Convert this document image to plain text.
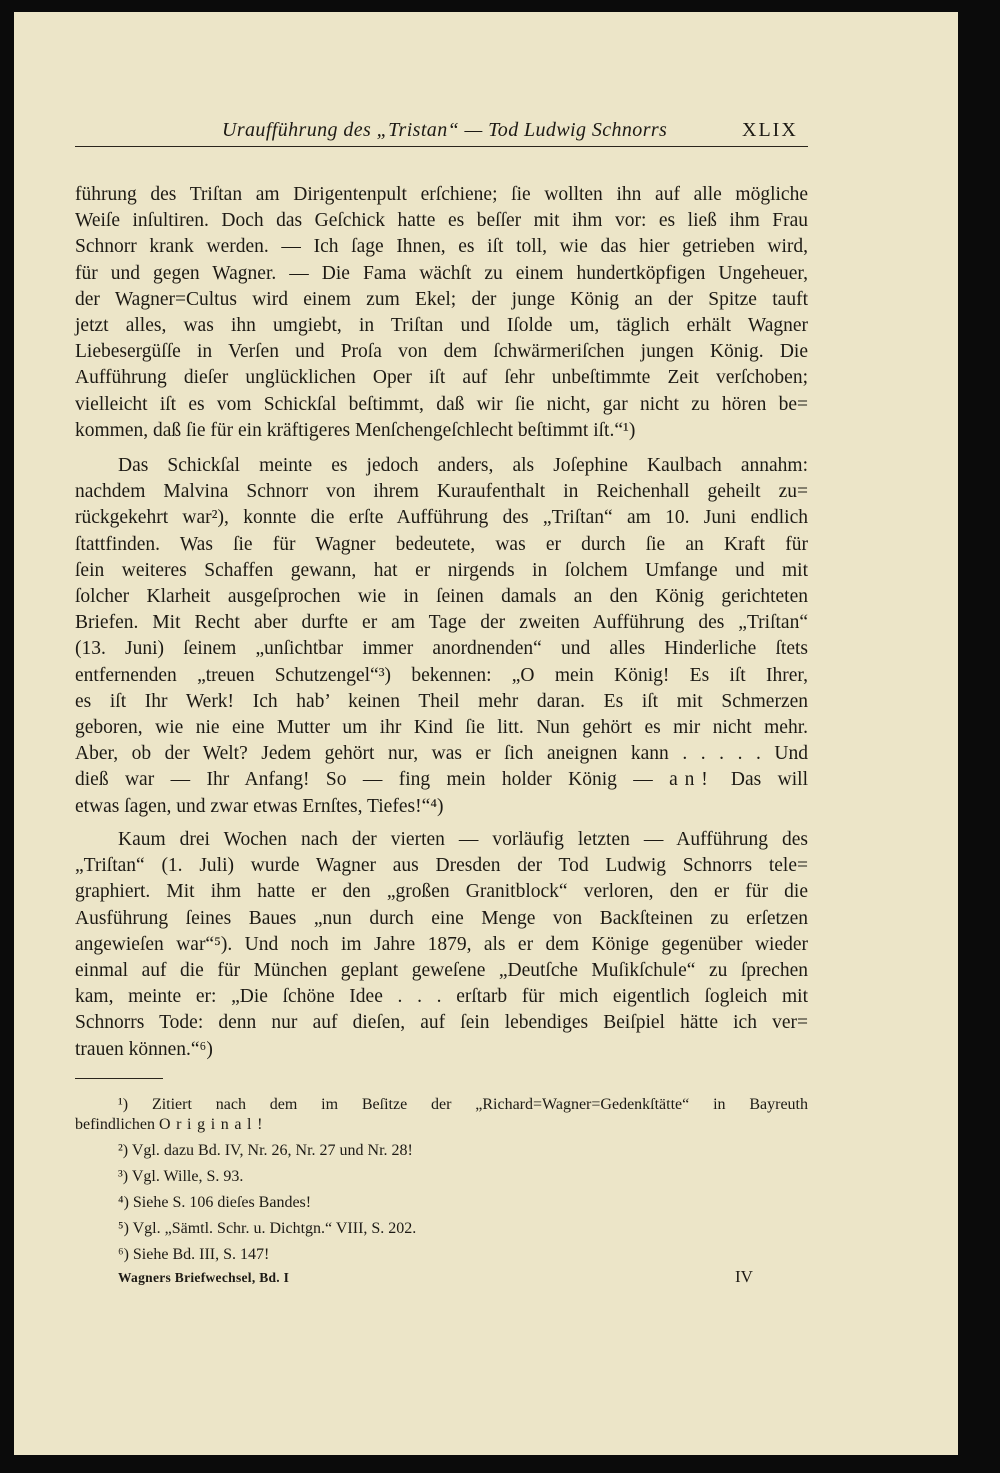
Uraufführung des „Tristan“ — Tod Ludwig Schnorrs	XLIX
führung des Triſtan am Dirigentenpult erſchiene; ſie wollten ihn auf alle mögliche
Weiſe inſultiren. Doch das Geſchick hatte es beſſer mit ihm vor: es ließ ihm Frau
Schnorr krank werden. — Ich ſage Ihnen, es iſt toll, wie das hier getrieben wird,
für und gegen Wagner. — Die Fama wächſt zu einem hundertköpfigen Ungeheuer,
der Wagner=Cultus wird einem zum Ekel; der junge König an der Spitze tauft
jetzt alles, was ihn umgiebt, in Triſtan und Iſolde um, täglich erhält Wagner
Liebesergüſſe in Verſen und Proſa von dem ſchwärmeriſchen jungen König. Die
Aufführung dieſer unglücklichen Oper iſt auf ſehr unbeſtimmte Zeit verſchoben;
vielleicht iſt es vom Schickſal beſtimmt, daß wir ſie nicht, gar nicht zu hören be=
kommen, daß ſie für ein kräftigeres Menſchengeſchlecht beſtimmt iſt.“¹)
Das Schickſal meinte es jedoch anders, als Joſephine Kaulbach annahm:
nachdem Malvina Schnorr von ihrem Kuraufenthalt in Reichenhall geheilt zu=
rückgekehrt war²), konnte die erſte Aufführung des „Triſtan“ am 10. Juni endlich
ſtattfinden. Was ſie für Wagner bedeutete, was er durch ſie an Kraft für
ſein weiteres Schaffen gewann, hat er nirgends in ſolchem Umfange und mit
ſolcher Klarheit ausgeſprochen wie in ſeinen damals an den König gerichteten
Briefen. Mit Recht aber durfte er am Tage der zweiten Aufführung des „Triſtan“
(13. Juni) ſeinem „unſichtbar immer anordnenden“ und alles Hinderliche ſtets
entfernenden „treuen Schutzengel“³) bekennen: „O mein König! Es iſt Ihrer,
es iſt Ihr Werk! Ich hab’ keinen Theil mehr daran. Es iſt mit Schmerzen
geboren, wie nie eine Mutter um ihr Kind ſie litt. Nun gehört es mir nicht mehr.
Aber, ob der Welt? Jedem gehört nur, was er ſich aneignen kann . . . . . Und
dieß war — Ihr Anfang! So — fing mein holder König — an! Das will
etwas ſagen, und zwar etwas Ernſtes, Tiefes!“⁴)
Kaum drei Wochen nach der vierten — vorläufig letzten — Aufführung des
„Triſtan“ (1. Juli) wurde Wagner aus Dresden der Tod Ludwig Schnorrs tele=
graphiert. Mit ihm hatte er den „großen Granitblock“ verloren, den er für die
Ausführung ſeines Baues „nun durch eine Menge von Backſteinen zu erſetzen
angewieſen war“⁵). Und noch im Jahre 1879, als er dem Könige gegenüber wieder
einmal auf die für München geplant geweſene „Deutſche Muſikſchule“ zu ſprechen
kam, meinte er: „Die ſchöne Idee . . . erſtarb für mich eigentlich ſogleich mit
Schnorrs Tode: denn nur auf dieſen, auf ſein lebendiges Beiſpiel hätte ich ver=
trauen können.“⁶)
¹) Zitiert nach dem im Beſitze der „Richard=Wagner=Gedenkſtätte“ in Bayreuth
befindlichen Original!
²) Vgl. dazu Bd. IV, Nr. 26, Nr. 27 und Nr. 28!
³) Vgl. Wille, S. 93.
⁴) Siehe S. 106 dieſes Bandes!
⁵) Vgl. „Sämtl. Schr. u. Dichtgn.“ VIII, S. 202.
⁶) Siehe Bd. III, S. 147!
Wagners Briefwechsel, Bd. I	IV
